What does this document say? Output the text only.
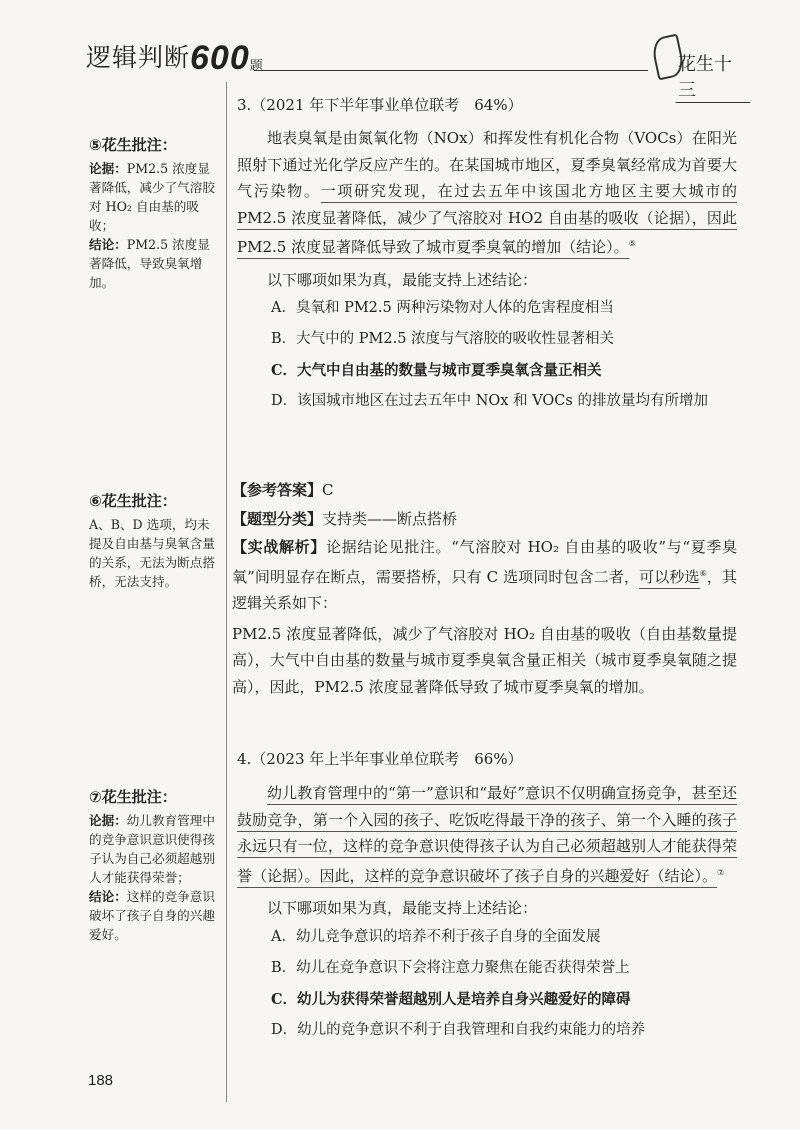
逻辑判断600题	花生十三
⑤花生批注：
论据：PM2.5 浓度显著降低，减少了气溶胶对 HO₂ 自由基的吸收；
结论：PM2.5 浓度显著降低，导致臭氧增加。
⑥花生批注：
A、B、D 选项，均未提及自由基与臭氧含量的关系，无法为断点搭桥，无法支持。
⑦花生批注：
论据：幼儿教育管理中的竞争意识意识使得孩子认为自己必须超越别人才能获得荣誉；
结论：这样的竞争意识破坏了孩子自身的兴趣爱好。
3.（2021 年下半年事业单位联考　64%）
地表臭氧是由氮氧化物（NOx）和挥发性有机化合物（VOCs）在阳光照射下通过光化学反应产生的。在某国城市地区，夏季臭氧经常成为首要大气污染物。一项研究发现，在过去五年中该国北方地区主要大城市的 PM2.5 浓度显著降低，减少了气溶胶对 HO2 自由基的吸收（论据），因此 PM2.5 浓度显著降低导致了城市夏季臭氧的增加（结论）。⑤
以下哪项如果为真，最能支持上述结论：
A．臭氧和 PM2.5 两种污染物对人体的危害程度相当
B．大气中的 PM2.5 浓度与气溶胶的吸收性显著相关
C．大气中自由基的数量与城市夏季臭氧含量正相关
D．该国城市地区在过去五年中 NOx 和 VOCs 的排放量均有所增加
【参考答案】C
【题型分类】支持类——断点搭桥
【实战解析】论据结论见批注。“气溶胶对 HO₂ 自由基的吸收”与“夏季臭氧”间明显存在断点，需要搭桥，只有 C 选项同时包含二者，可以秒选⑥，其逻辑关系如下：
PM2.5 浓度显著降低，减少了气溶胶对 HO₂ 自由基的吸收（自由基数量提高），大气中自由基的数量与城市夏季臭氧含量正相关（城市夏季臭氧随之提高），因此，PM2.5 浓度显著降低导致了城市夏季臭氧的增加。
4.（2023 年上半年事业单位联考　66%）
幼儿教育管理中的“第一”意识和“最好”意识不仅明确宣扬竞争，甚至还鼓励竞争，第一个入园的孩子、吃饭吃得最干净的孩子、第一个入睡的孩子永远只有一位，这样的竞争意识使得孩子认为自己必须超越别人才能获得荣誉（论据）。因此，这样的竞争意识破坏了孩子自身的兴趣爱好（结论）。⑦
以下哪项如果为真，最能支持上述结论：
A．幼儿竞争意识的培养不利于孩子自身的全面发展
B．幼儿在竞争意识下会将注意力聚焦在能否获得荣誉上
C．幼儿为获得荣誉超越别人是培养自身兴趣爱好的障碍
D．幼儿的竞争意识不利于自我管理和自我约束能力的培养
188
